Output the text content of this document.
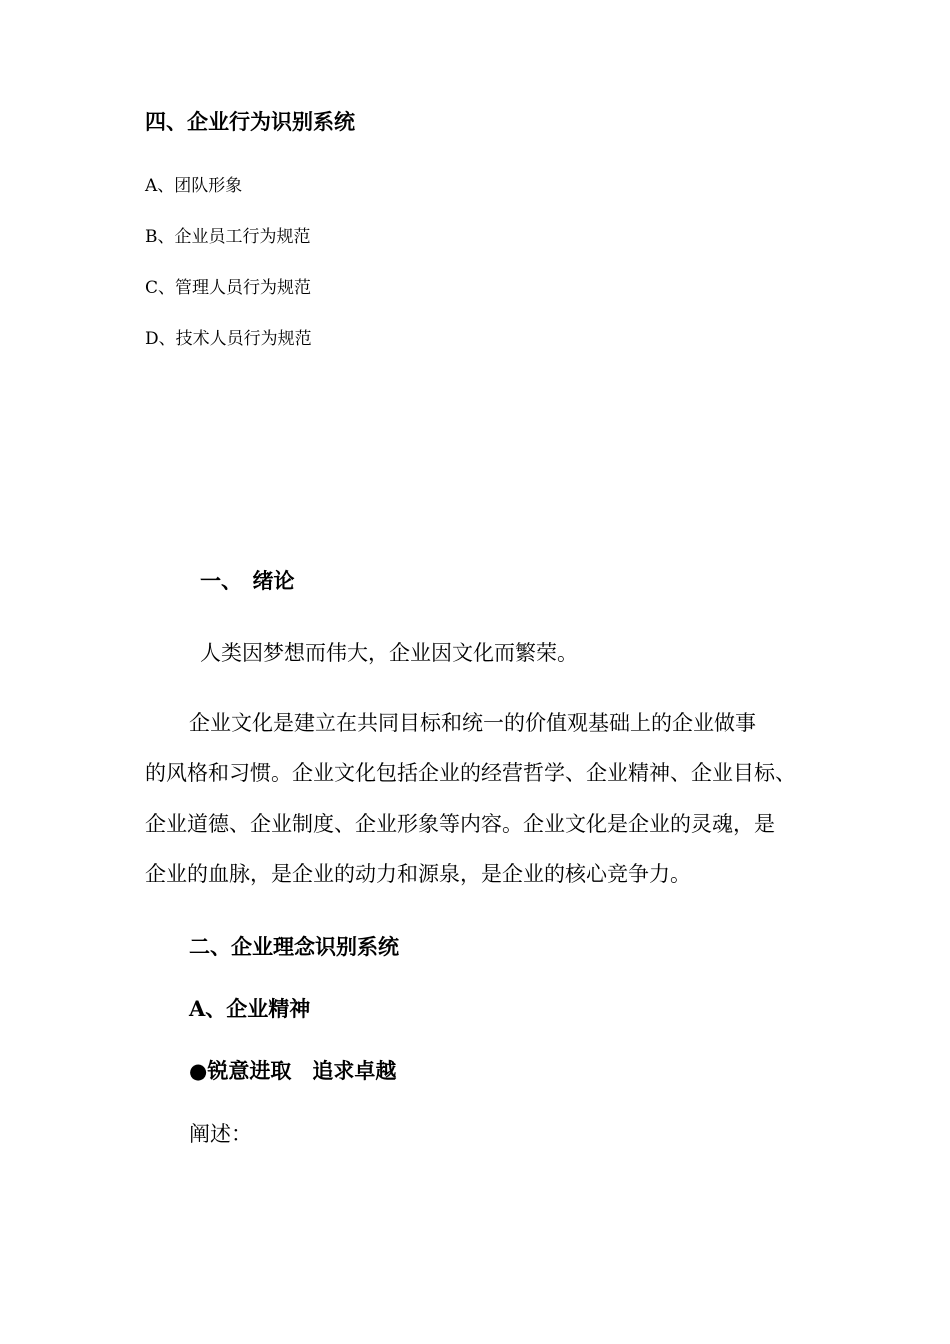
四、企业行为识别系统
A、团队形象
B、企业员工行为规范
C、管理人员行为规范
D、技术人员行为规范
一、　绪论
人类因梦想而伟大，企业因文化而繁荣。
企业文化是建立在共同目标和统一的价值观基础上的企业做事
的风格和习惯。企业文化包括企业的经营哲学、企业精神、企业目标、
企业道德、企业制度、企业形象等内容。企业文化是企业的灵魂，是
企业的血脉，是企业的动力和源泉，是企业的核心竞争力。
二、企业理念识别系统
A、企业精神
●锐意进取　追求卓越
阐述：
